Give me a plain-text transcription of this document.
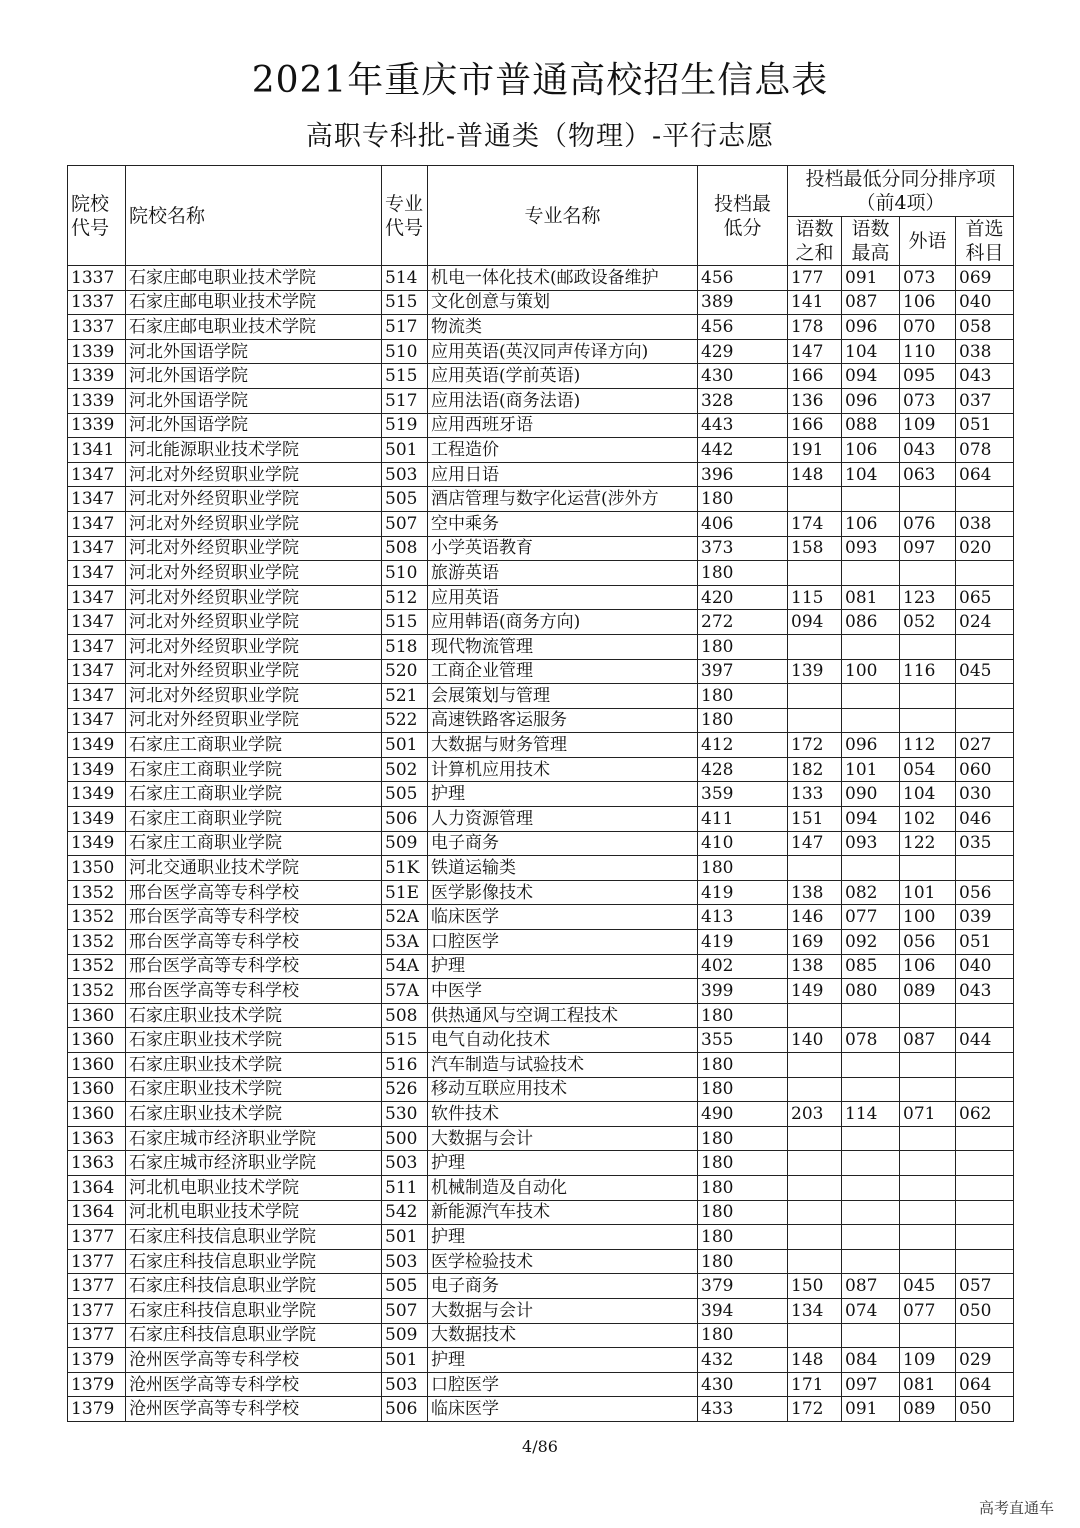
2021年重庆市普通高校招生信息表
高职专科批-普通类（物理）-平行志愿
院校代号	院校名称	专业代号	专业名称	投档最低分	投档最低分同分排序项（前4项）			
					语数之和	语数最高	外语	首选科目
1337	石家庄邮电职业技术学院	514	机电一体化技术(邮政设备维护	456	177	091	073	069
1337	石家庄邮电职业技术学院	515	文化创意与策划	389	141	087	106	040
1337	石家庄邮电职业技术学院	517	物流类	456	178	096	070	058
1339	河北外国语学院	510	应用英语(英汉同声传译方向)	429	147	104	110	038
1339	河北外国语学院	515	应用英语(学前英语)	430	166	094	095	043
1339	河北外国语学院	517	应用法语(商务法语)	328	136	096	073	037
1339	河北外国语学院	519	应用西班牙语	443	166	088	109	051
1341	河北能源职业技术学院	501	工程造价	442	191	106	043	078
1347	河北对外经贸职业学院	503	应用日语	396	148	104	063	064
1347	河北对外经贸职业学院	505	酒店管理与数字化运营(涉外方	180				
1347	河北对外经贸职业学院	507	空中乘务	406	174	106	076	038
1347	河北对外经贸职业学院	508	小学英语教育	373	158	093	097	020
1347	河北对外经贸职业学院	510	旅游英语	180				
1347	河北对外经贸职业学院	512	应用英语	420	115	081	123	065
1347	河北对外经贸职业学院	515	应用韩语(商务方向)	272	094	086	052	024
1347	河北对外经贸职业学院	518	现代物流管理	180				
1347	河北对外经贸职业学院	520	工商企业管理	397	139	100	116	045
1347	河北对外经贸职业学院	521	会展策划与管理	180				
1347	河北对外经贸职业学院	522	高速铁路客运服务	180				
1349	石家庄工商职业学院	501	大数据与财务管理	412	172	096	112	027
1349	石家庄工商职业学院	502	计算机应用技术	428	182	101	054	060
1349	石家庄工商职业学院	505	护理	359	133	090	104	030
1349	石家庄工商职业学院	506	人力资源管理	411	151	094	102	046
1349	石家庄工商职业学院	509	电子商务	410	147	093	122	035
1350	河北交通职业技术学院	51K	铁道运输类	180				
1352	邢台医学高等专科学校	51E	医学影像技术	419	138	082	101	056
1352	邢台医学高等专科学校	52A	临床医学	413	146	077	100	039
1352	邢台医学高等专科学校	53A	口腔医学	419	169	092	056	051
1352	邢台医学高等专科学校	54A	护理	402	138	085	106	040
1352	邢台医学高等专科学校	57A	中医学	399	149	080	089	043
1360	石家庄职业技术学院	508	供热通风与空调工程技术	180				
1360	石家庄职业技术学院	515	电气自动化技术	355	140	078	087	044
1360	石家庄职业技术学院	516	汽车制造与试验技术	180				
1360	石家庄职业技术学院	526	移动互联应用技术	180				
1360	石家庄职业技术学院	530	软件技术	490	203	114	071	062
1363	石家庄城市经济职业学院	500	大数据与会计	180				
1363	石家庄城市经济职业学院	503	护理	180				
1364	河北机电职业技术学院	511	机械制造及自动化	180				
1364	河北机电职业技术学院	542	新能源汽车技术	180				
1377	石家庄科技信息职业学院	501	护理	180				
1377	石家庄科技信息职业学院	503	医学检验技术	180				
1377	石家庄科技信息职业学院	505	电子商务	379	150	087	045	057
1377	石家庄科技信息职业学院	507	大数据与会计	394	134	074	077	050
1377	石家庄科技信息职业学院	509	大数据技术	180				
1379	沧州医学高等专科学校	501	护理	432	148	084	109	029
1379	沧州医学高等专科学校	503	口腔医学	430	171	097	081	064
1379	沧州医学高等专科学校	506	临床医学	433	172	091	089	050
4/86
高考直通车
